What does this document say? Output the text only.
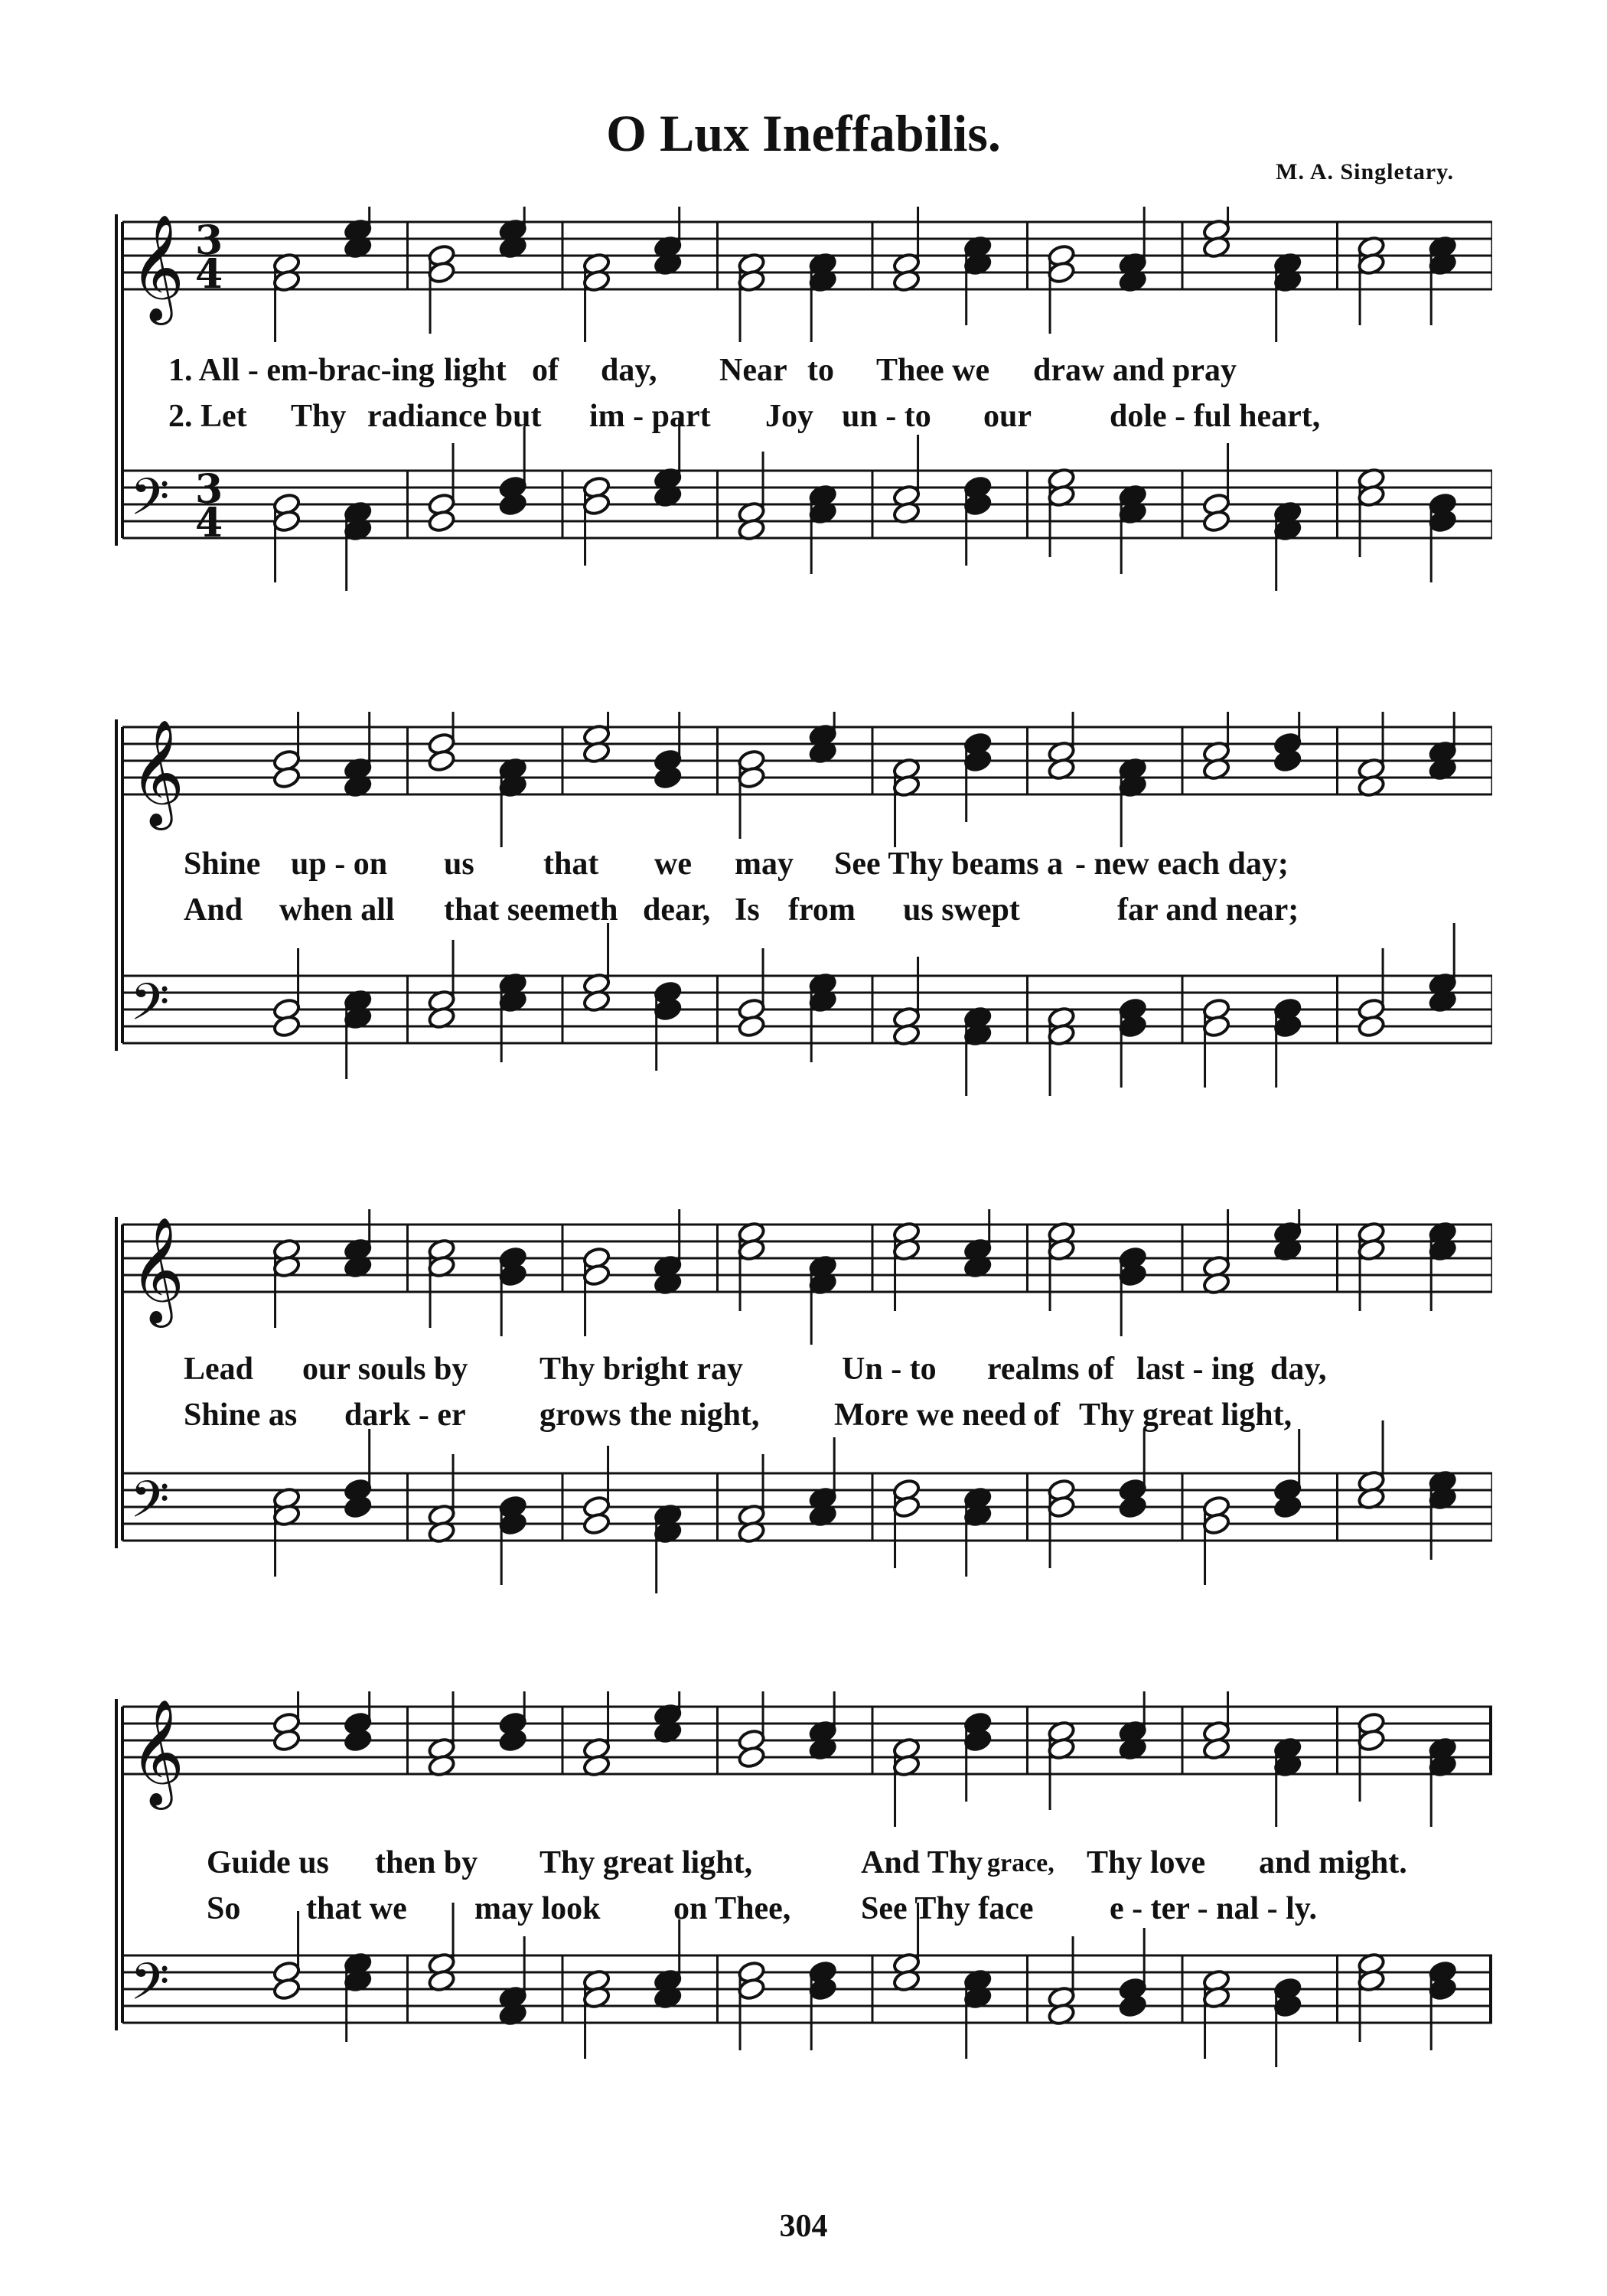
O Lux Ineffabilis.
M. A. Singletary.
𝄞 3
4
𝄢 3
4
1. All - em-brac-ing light of day, Near to Thee we draw and pray
2. Let Thy radiance but im - part Joy un - to our dole - ful heart,
𝄞
𝄢
Shine up - on us that we may See Thy beams a - new each day;
And when all that seemeth dear, Is from us swept	far and near;
𝄞
𝄢
Lead our souls by Thy bright ray	Un - to realms of last - ing day,
Shine as dark - er grows the night, More we need of Thy great light,
𝄞
𝄢
Guide us then by Thy great light,	And Thy grace, Thy love and might.
So that we may look on Thee, See Thy face e - ter - nal - ly.
304
